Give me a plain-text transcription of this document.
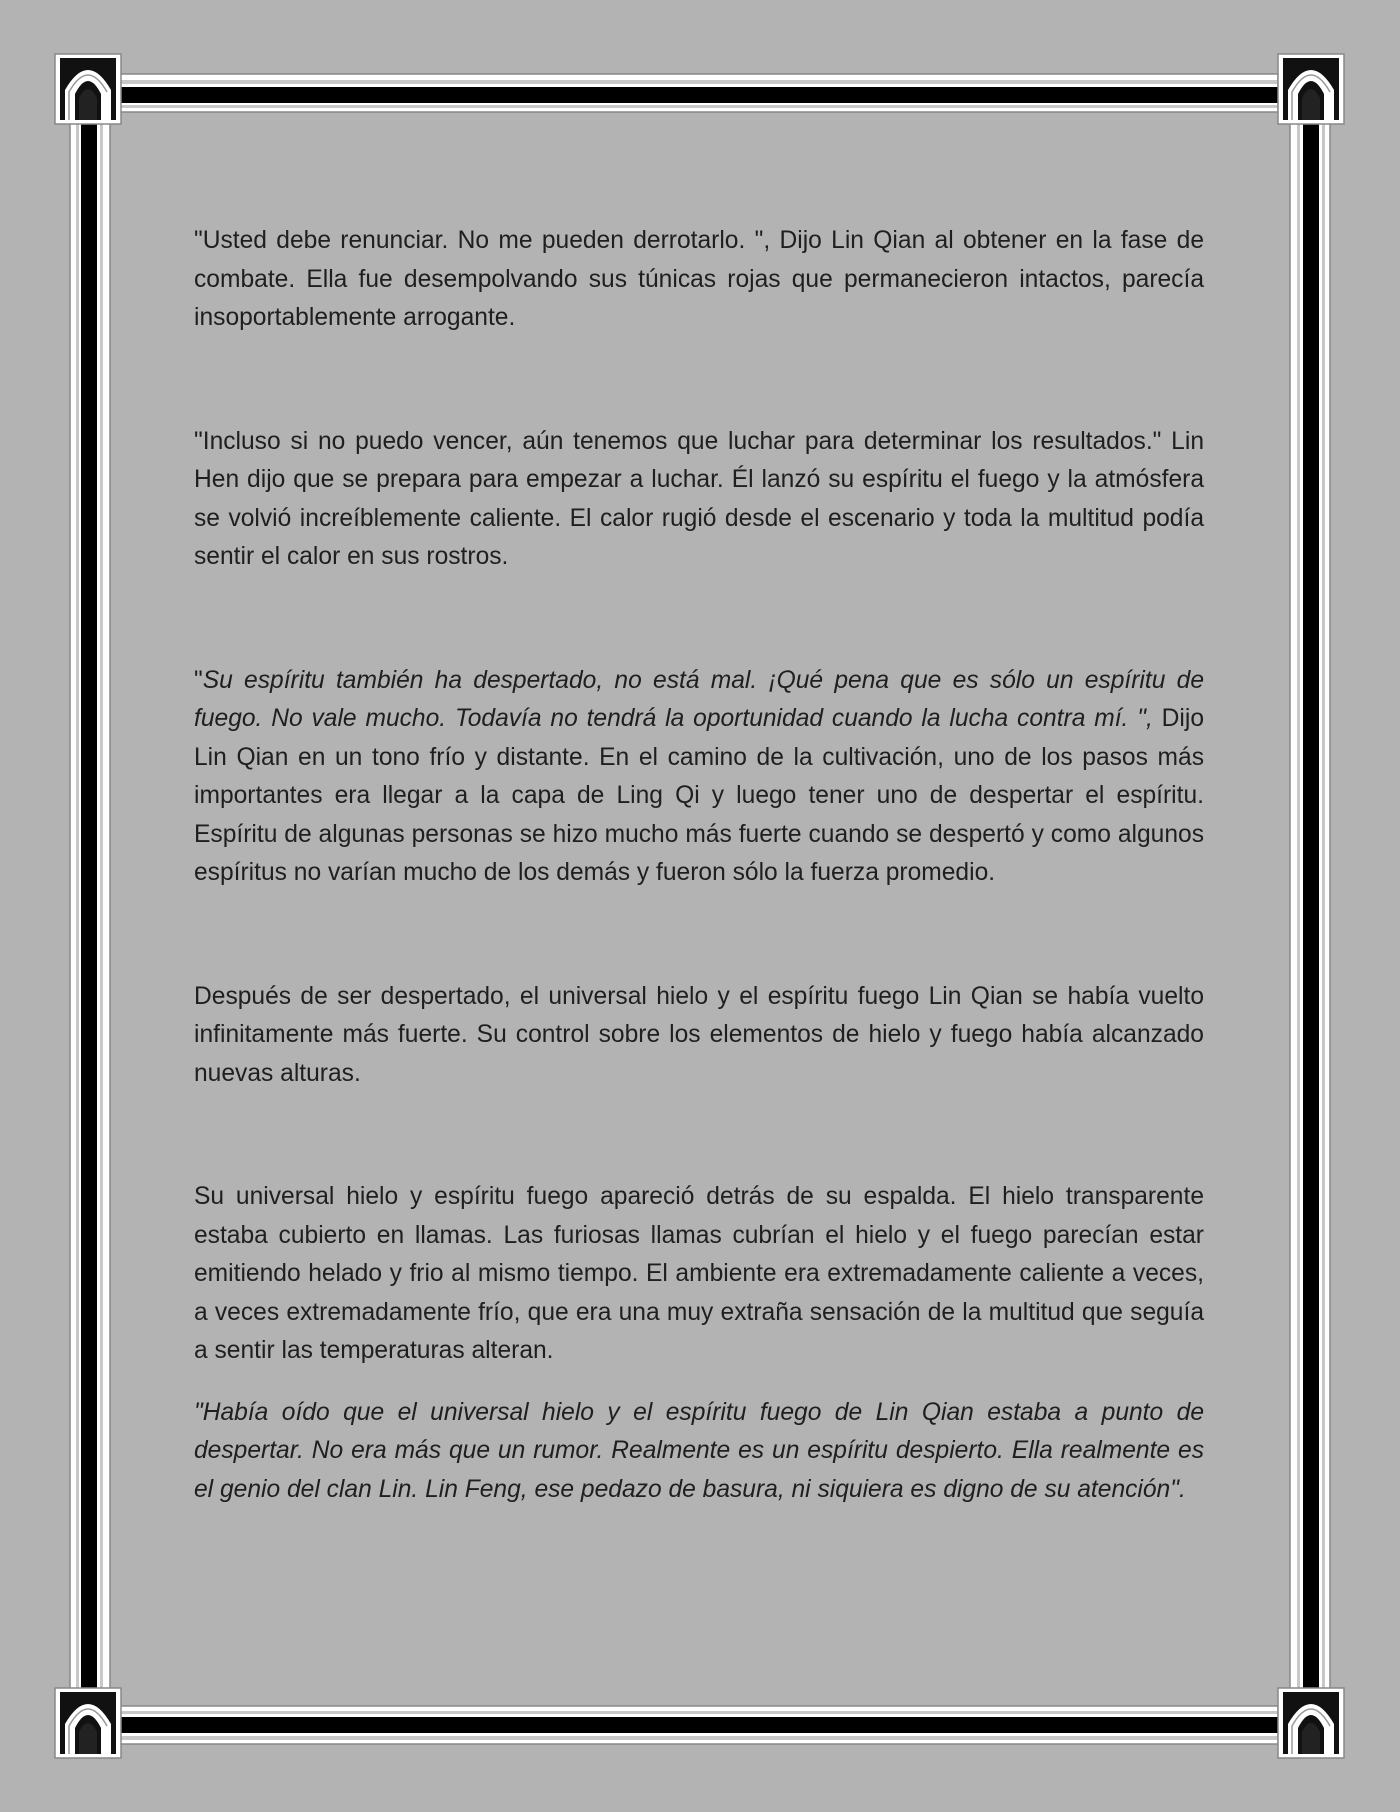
"Usted debe renunciar. No me pueden derrotarlo. ", Dijo Lin Qian al obtener en la fase de combate. Ella fue desempolvando sus túnicas rojas que permanecieron intactos, parecía insoportablemente arrogante.

"Incluso si no puedo vencer, aún tenemos que luchar para determinar los resultados." Lin Hen dijo que se prepara para empezar a luchar. Él lanzó su espíritu el fuego y la atmósfera se volvió increíblemente caliente. El calor rugió desde el escenario y toda la multitud podía sentir el calor en sus rostros.

"Su espíritu también ha despertado, no está mal. ¡Qué pena que es sólo un espíritu de fuego. No vale mucho. Todavía no tendrá la oportunidad cuando la lucha contra mí. ", Dijo Lin Qian en un tono frío y distante. En el camino de la cultivación, uno de los pasos más importantes era llegar a la capa de Ling Qi y luego tener uno de despertar el espíritu. Espíritu de algunas personas se hizo mucho más fuerte cuando se despertó y como algunos espíritus no varían mucho de los demás y fueron sólo la fuerza promedio.

Después de ser despertado, el universal hielo y el espíritu fuego Lin Qian se había vuelto infinitamente más fuerte. Su control sobre los elementos de hielo y fuego había alcanzado nuevas alturas.

Su universal hielo y espíritu fuego apareció detrás de su espalda. El hielo transparente estaba cubierto en llamas. Las furiosas llamas cubrían el hielo y el fuego parecían estar emitiendo helado y frio al mismo tiempo. El ambiente era extremadamente caliente a veces, a veces extremadamente frío, que era una muy extraña sensación de la multitud que seguía a sentir las temperaturas alteran.

"Había oído que el universal hielo y el espíritu fuego de Lin Qian estaba a punto de despertar. No era más que un rumor. Realmente es un espíritu despierto. Ella realmente es el genio del clan Lin. Lin Feng, ese pedazo de basura, ni siquiera es digno de su atención".
